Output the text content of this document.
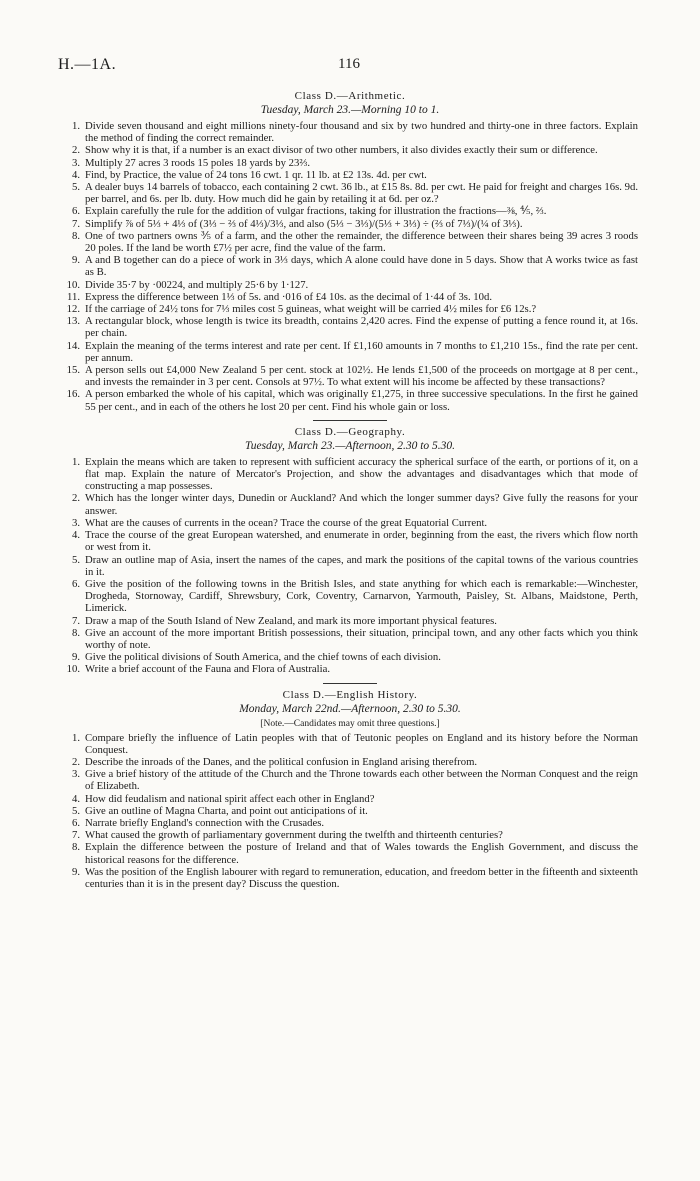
H.—1A.	116
Class D.—Arithmetic.
Tuesday, March 23.—Morning 10 to 1.
1. Divide seven thousand and eight millions ninety-four thousand and six by two hundred and thirty-one in three factors. Explain the method of finding the correct remainder.
2. Show why it is that, if a number is an exact divisor of two other numbers, it also divides exactly their sum or difference.
3. Multiply 27 acres 3 roods 15 poles 18 yards by 23⅔.
4. Find, by Practice, the value of 24 tons 16 cwt. 1 qr. 11 lb. at £2 13s. 4d. per cwt.
5. A dealer buys 14 barrels of tobacco, each containing 2 cwt. 36 lb., at £15 8s. 8d. per cwt. He paid for freight and charges 16s. 9d. per barrel, and 6s. per lb. duty. How much did he gain by retailing it at 6d. per oz.?
6. Explain carefully the rule for the addition of vulgar fractions, taking for illustration the fractions—⅜, ⅘, ⅔.
7. Simplify ⅞ of 5⅓ + 4⅓ of (3⅓ − ⅔ of 4⅓)/3⅓, and also (5⅓ − 3⅓)/(5⅓ + 3⅓) ÷ (⅔ of 7⅓)/(¼ of 3⅓).
8. One of two partners owns ⅗ of a farm, and the other the remainder, the difference between their shares being 39 acres 3 roods 20 poles. If the land be worth £7½ per acre, find the value of the farm.
9. A and B together can do a piece of work in 3⅓ days, which A alone could have done in 5 days. Show that A works twice as fast as B.
10. Divide 35·7 by ·00224, and multiply 25·6 by 1·127.
11. Express the difference between 1⅓ of 5s. and ·016 of £4 10s. as the decimal of 1·44 of 3s. 10d.
12. If the carriage of 24½ tons for 7⅓ miles cost 5 guineas, what weight will be carried 4½ miles for £6 12s.?
13. A rectangular block, whose length is twice its breadth, contains 2,420 acres. Find the expense of putting a fence round it, at 16s. per chain.
14. Explain the meaning of the terms interest and rate per cent. If £1,160 amounts in 7 months to £1,210 15s., find the rate per cent. per annum.
15. A person sells out £4,000 New Zealand 5 per cent. stock at 102½. He lends £1,500 of the proceeds on mortgage at 8 per cent., and invests the remainder in 3 per cent. Consols at 97½. To what extent will his income be affected by these transactions?
16. A person embarked the whole of his capital, which was originally £1,275, in three successive speculations. In the first he gained 55 per cent., and in each of the others he lost 20 per cent. Find his whole gain or loss.
Class D.—Geography.
Tuesday, March 23.—Afternoon, 2.30 to 5.30.
1. Explain the means which are taken to represent with sufficient accuracy the spherical surface of the earth, or portions of it, on a flat map. Explain the nature of Mercator's Projection, and show the advantages and disadvantages which that mode of constructing a map possesses.
2. Which has the longer winter days, Dunedin or Auckland? And which the longer summer days? Give fully the reasons for your answer.
3. What are the causes of currents in the ocean? Trace the course of the great Equatorial Current.
4. Trace the course of the great European watershed, and enumerate in order, beginning from the east, the rivers which flow north or west from it.
5. Draw an outline map of Asia, insert the names of the capes, and mark the positions of the capital towns of the various countries in it.
6. Give the position of the following towns in the British Isles, and state anything for which each is remarkable:—Winchester, Drogheda, Stornoway, Cardiff, Shrewsbury, Cork, Coventry, Carnarvon, Yarmouth, Paisley, St. Albans, Maidstone, Perth, Limerick.
7. Draw a map of the South Island of New Zealand, and mark its more important physical features.
8. Give an account of the more important British possessions, their situation, principal town, and any other facts which you think worthy of note.
9. Give the political divisions of South America, and the chief towns of each division.
10. Write a brief account of the Fauna and Flora of Australia.
Class D.—English History.
Monday, March 22nd.—Afternoon, 2.30 to 5.30.
[Note.—Candidates may omit three questions.]
1. Compare briefly the influence of Latin peoples with that of Teutonic peoples on England and its history before the Norman Conquest.
2. Describe the inroads of the Danes, and the political confusion in England arising therefrom.
3. Give a brief history of the attitude of the Church and the Throne towards each other between the Norman Conquest and the reign of Elizabeth.
4. How did feudalism and national spirit affect each other in England?
5. Give an outline of Magna Charta, and point out anticipations of it.
6. Narrate briefly England's connection with the Crusades.
7. What caused the growth of parliamentary government during the twelfth and thirteenth centuries?
8. Explain the difference between the posture of Ireland and that of Wales towards the English Government, and discuss the historical reasons for the difference.
9. Was the position of the English labourer with regard to remuneration, education, and freedom better in the fifteenth and sixteenth centuries than it is in the present day? Discuss the question.
